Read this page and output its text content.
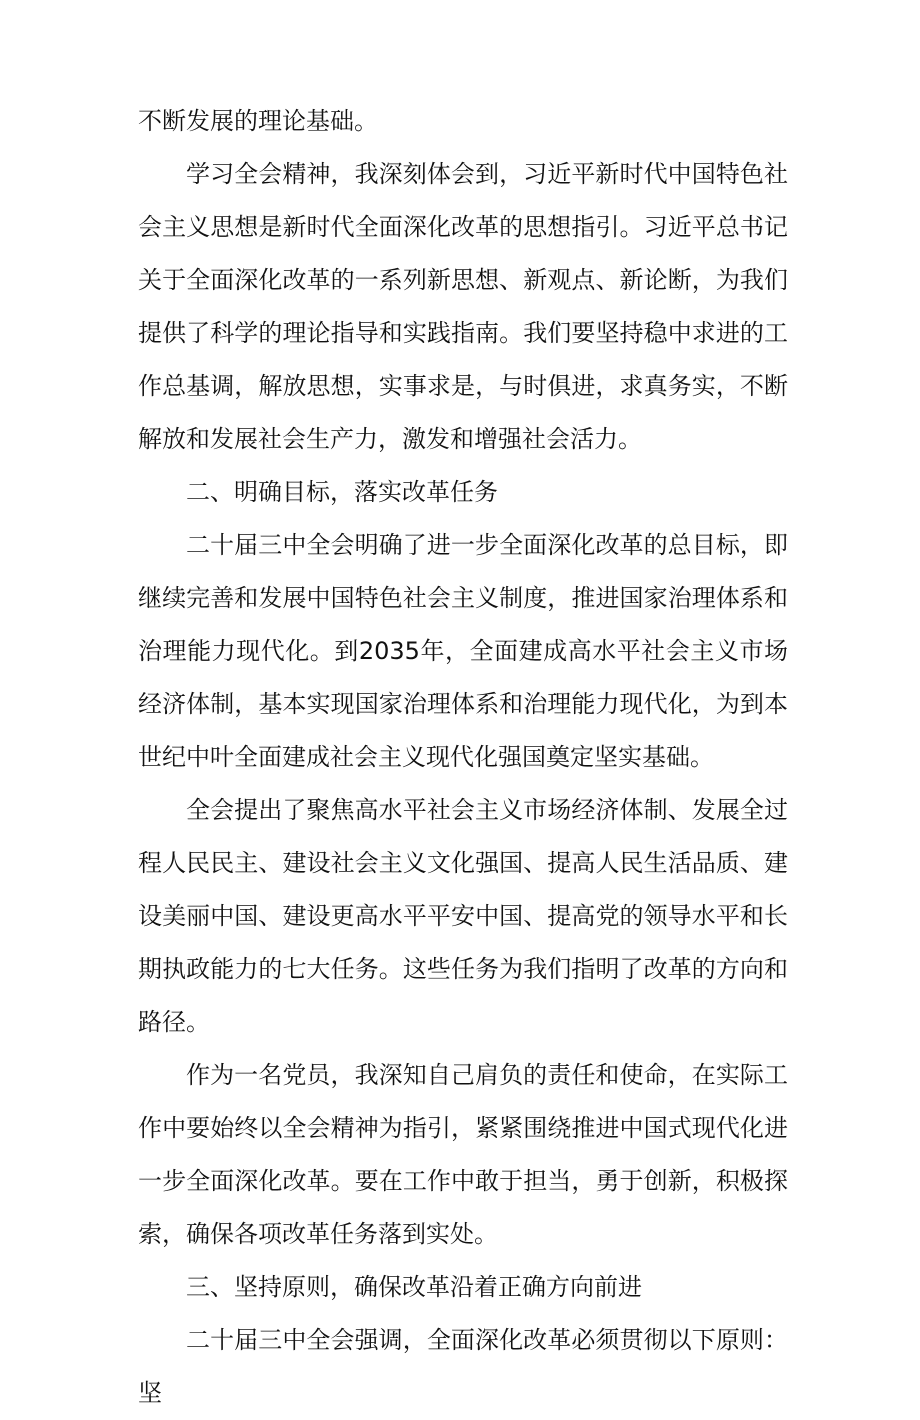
不断发展的理论基础。

学习全会精神，我深刻体会到，习近平新时代中国特色社会主义思想是新时代全面深化改革的思想指引。习近平总书记关于全面深化改革的一系列新思想、新观点、新论断，为我们提供了科学的理论指导和实践指南。我们要坚持稳中求进的工作总基调，解放思想，实事求是，与时俱进，求真务实，不断解放和发展社会生产力，激发和增强社会活力。

二、明确目标，落实改革任务

二十届三中全会明确了进一步全面深化改革的总目标，即继续完善和发展中国特色社会主义制度，推进国家治理体系和治理能力现代化。到2035年，全面建成高水平社会主义市场经济体制，基本实现国家治理体系和治理能力现代化，为到本世纪中叶全面建成社会主义现代化强国奠定坚实基础。

全会提出了聚焦高水平社会主义市场经济体制、发展全过程人民民主、建设社会主义文化强国、提高人民生活品质、建设美丽中国、建设更高水平平安中国、提高党的领导水平和长期执政能力的七大任务。这些任务为我们指明了改革的方向和路径。

作为一名党员，我深知自己肩负的责任和使命，在实际工作中要始终以全会精神为指引，紧紧围绕推进中国式现代化进一步全面深化改革。要在工作中敢于担当，勇于创新，积极探索，确保各项改革任务落到实处。

三、坚持原则，确保改革沿着正确方向前进

二十届三中全会强调，全面深化改革必须贯彻以下原则：坚
